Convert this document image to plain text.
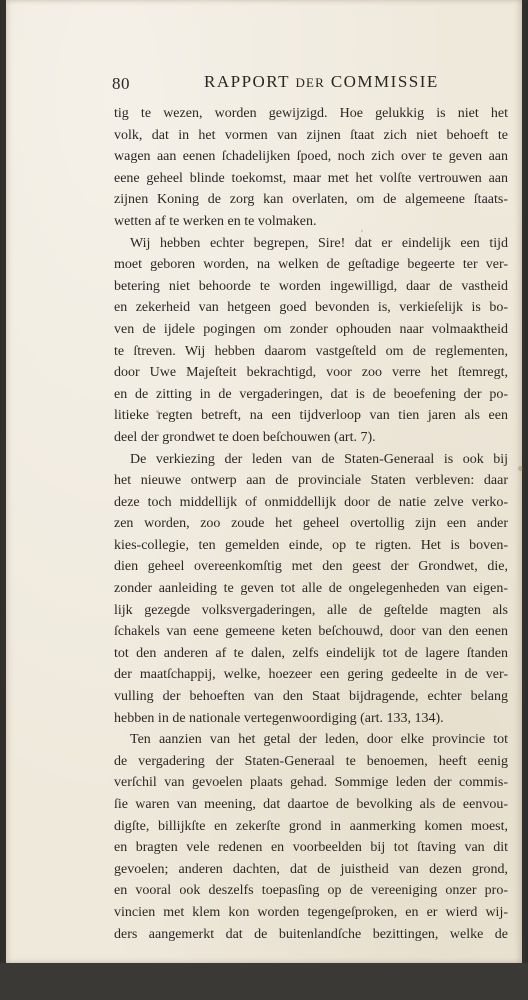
80	RAPPORT DER COMMISSIE
tig te wezen, worden gewijzigd. Hoe gelukkig is niet het
volk, dat in het vormen van zijnen ſtaat zich niet behoeft te
wagen aan eenen ſchadelijken ſpoed, noch zich over te geven aan
eene geheel blinde toekomst, maar met het volſte vertrouwen aan
zijnen Koning de zorg kan overlaten, om de algemeene ſtaats-
wetten af te werken en te volmaken.
Wij hebben echter begrepen, Sire! dat er eindelijk een tijd
moet geboren worden, na welken de geſtadige begeerte ter ver-
betering niet behoorde te worden ingewilligd, daar de vastheid
en zekerheid van hetgeen goed bevonden is, verkieſelijk is bo-
ven de ijdele pogingen om zonder ophouden naar volmaaktheid
te ſtreven. Wij hebben daarom vastgeſteld om de reglementen,
door Uwe Majeſteit bekrachtigd, voor zoo verre het ſtemregt,
en de zitting in de vergaderingen, dat is de beoefening der po-
litieke regten betreft, na een tijdverloop van tien jaren als een
deel der grondwet te doen beſchouwen (art. 7).
De verkiezing der leden van de Staten-Generaal is ook bij
het nieuwe ontwerp aan de provinciale Staten verbleven: daar
deze toch middellijk of onmiddellijk door de natie zelve verko-
zen worden, zoo zoude het geheel overtollig zijn een ander
kies-collegie, ten gemelden einde, op te rigten. Het is boven-
dien geheel overeenkomſtig met den geest der Grondwet, die,
zonder aanleiding te geven tot alle de ongelegenheden van eigen-
lijk gezegde volksvergaderingen, alle de geſtelde magten als
ſchakels van eene gemeene keten beſchouwd, door van den eenen
tot den anderen af te dalen, zelfs eindelijk tot de lagere ſtanden
der maatſchappij, welke, hoezeer een gering gedeelte in de ver-
vulling der behoeften van den Staat bijdragende, echter belang
hebben in de nationale vertegenwoordiging (art. 133, 134).
Ten aanzien van het getal der leden, door elke provincie tot
de vergadering der Staten-Generaal te benoemen, heeft eenig
verſchil van gevoelen plaats gehad. Sommige leden der commis-
ſie waren van meening, dat daartoe de bevolking als de eenvou-
digſte, billijkſte en zekerſte grond in aanmerking komen moest,
en bragten vele redenen en voorbeelden bij tot ſtaving van dit
gevoelen; anderen dachten, dat de juistheid van dezen grond,
en vooral ook deszelfs toepasſing op de vereeniging onzer pro-
vincien met klem kon worden tegengeſproken, en er wierd wij-
ders aangemerkt dat de buitenlandſche bezittingen, welke de
